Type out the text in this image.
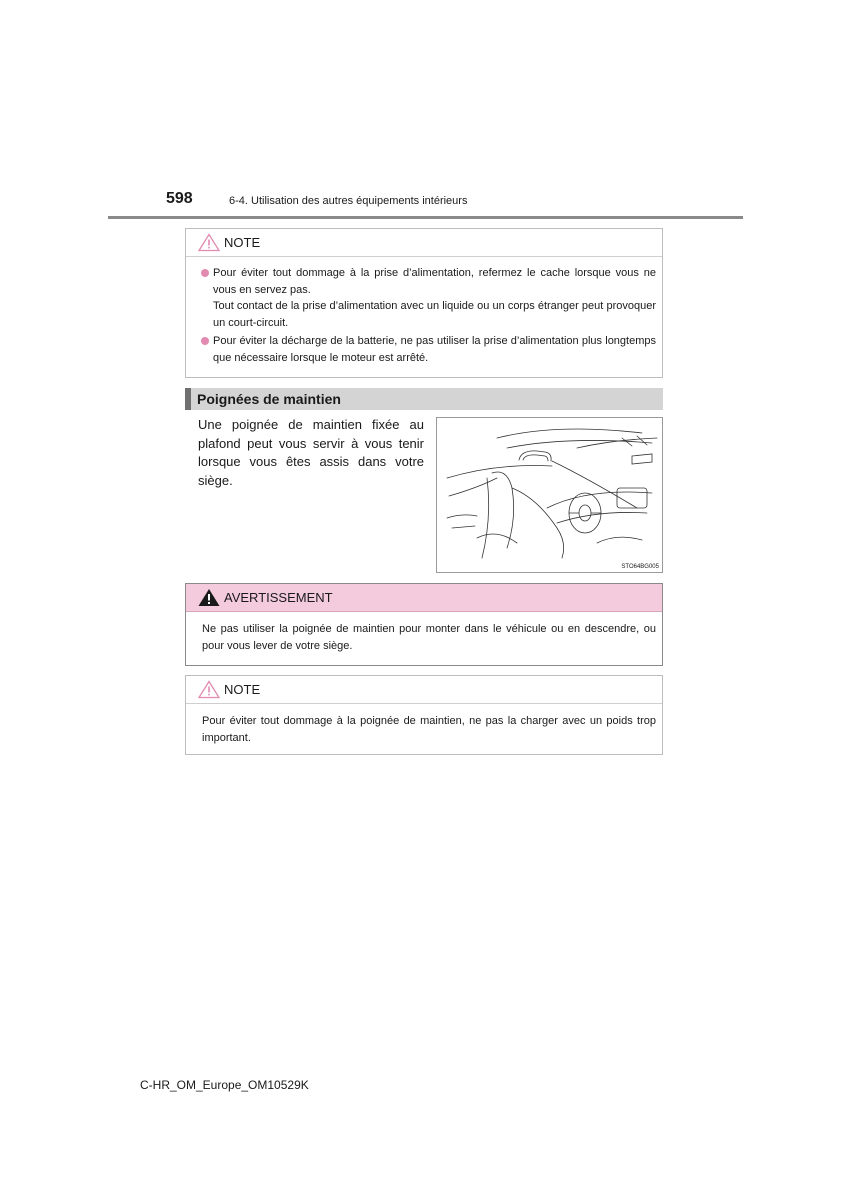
598	6-4. Utilisation des autres équipements intérieurs
NOTE
Pour éviter tout dommage à la prise d’alimentation, refermez le cache lorsque vous ne vous en servez pas.
Tout contact de la prise d’alimentation avec un liquide ou un corps étranger peut provoquer un court-circuit.
Pour éviter la décharge de la batterie, ne pas utiliser la prise d’alimentation plus longtemps que nécessaire lorsque le moteur est arrêté.
Poignées de maintien
Une poignée de maintien fixée au plafond peut vous servir à vous tenir lorsque vous êtes assis dans votre siège.
STO64BG005
AVERTISSEMENT
Ne pas utiliser la poignée de maintien pour monter dans le véhicule ou en descendre, ou pour vous lever de votre siège.
NOTE
Pour éviter tout dommage à la poignée de maintien, ne pas la charger avec un poids trop important.
C-HR_OM_Europe_OM10529K
